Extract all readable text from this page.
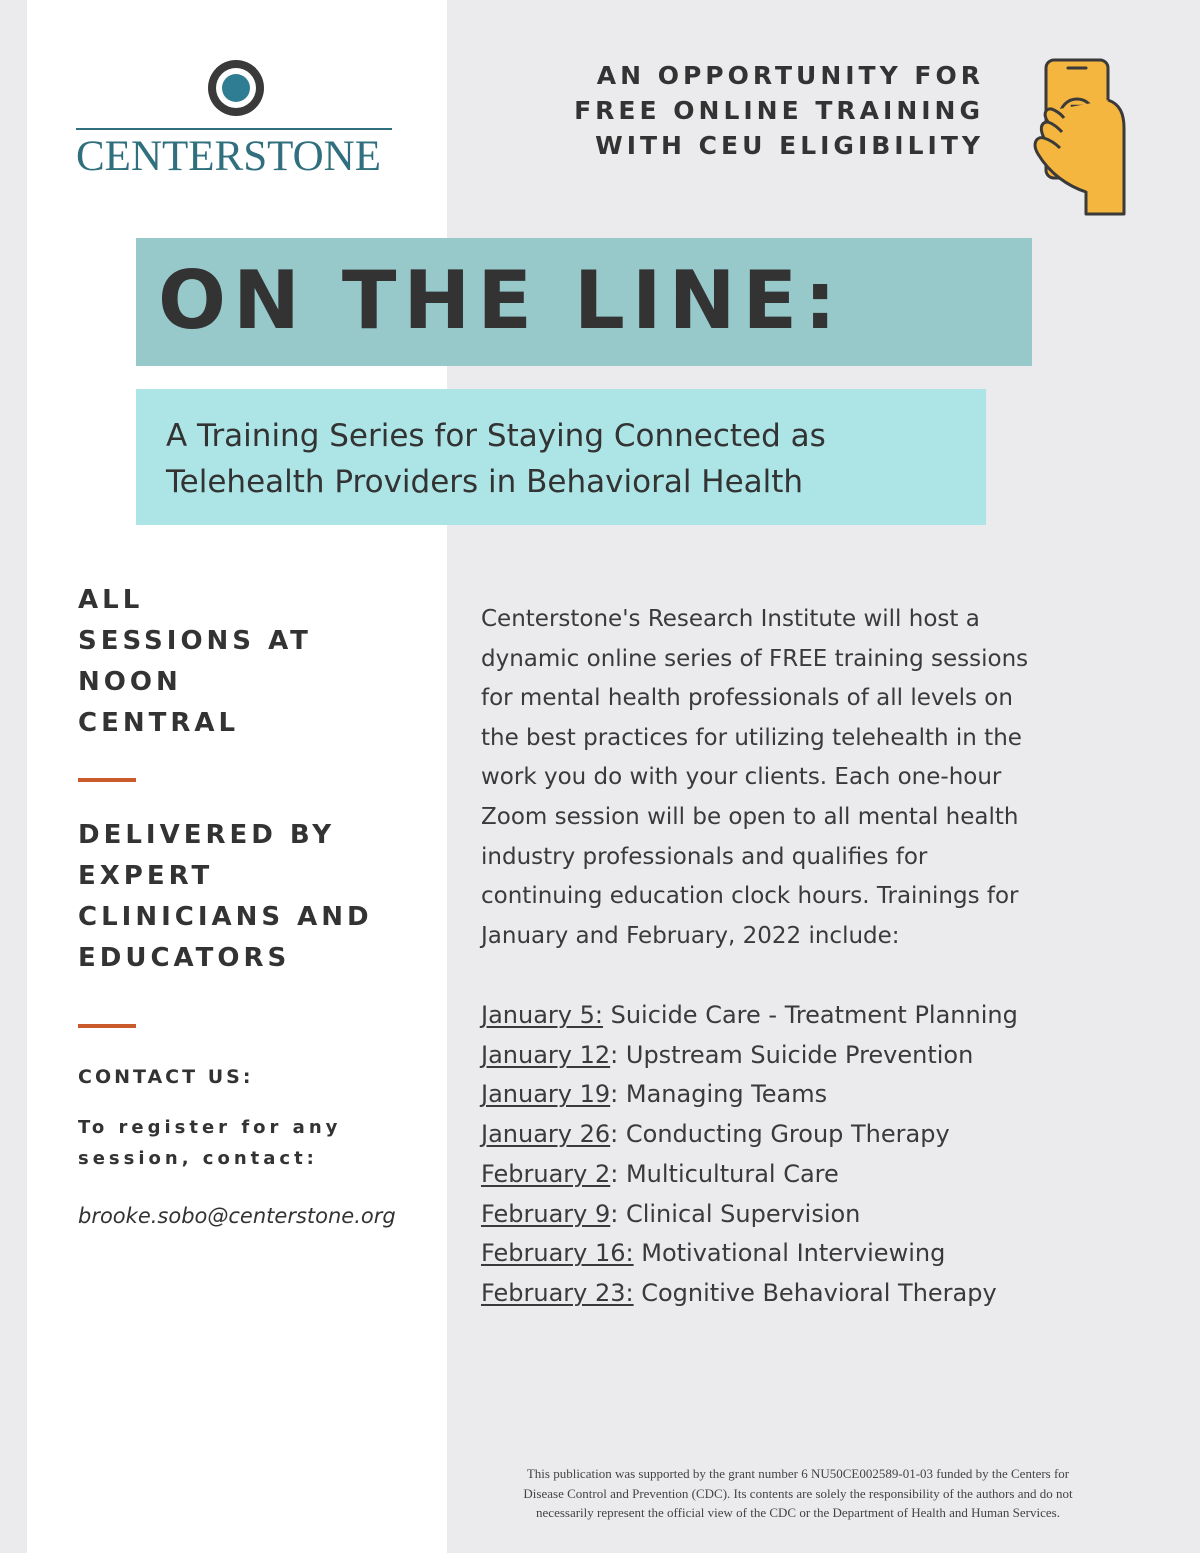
CENTERSTONE
AN OPPORTUNITY FOR
FREE ONLINE TRAINING
WITH CEU ELIGIBILITY
ON THE LINE:
A Training Series for Staying Connected as
Telehealth Providers in Behavioral Health
ALL
SESSIONS AT
NOON
CENTRAL
DELIVERED BY
EXPERT
CLINICIANS AND
EDUCATORS
CONTACT US:
To register for any
session, contact:
brooke.sobo@centerstone.org
Centerstone's Research Institute will host a
dynamic online series of FREE training sessions
for mental health professionals of all levels on
the best practices for utilizing telehealth in the
work you do with your clients. Each one-hour
Zoom session will be open to all mental health
industry professionals and qualifies for
continuing education clock hours. Trainings for
January and February, 2022 include:
January 5: Suicide Care - Treatment Planning
January 12: Upstream Suicide Prevention
January 19: Managing Teams
January 26: Conducting Group Therapy
February 2: Multicultural Care
February 9: Clinical Supervision
February 16: Motivational Interviewing
February 23: Cognitive Behavioral Therapy
This publication was supported by the grant number 6 NU50CE002589-01-03 funded by the Centers for
Disease Control and Prevention (CDC). Its contents are solely the responsibility of the authors and do not
necessarily represent the official view of the CDC or the Department of Health and Human Services.
